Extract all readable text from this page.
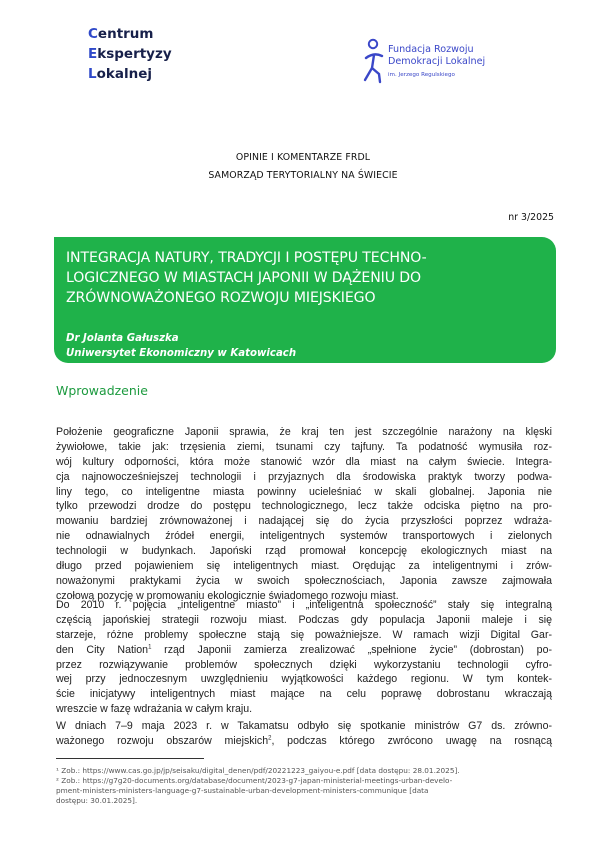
Centrum
Ekspertyzy
Lokalnej
Fundacja Rozwoju
Demokracji Lokalnej
im. Jerzego Regulskiego
OPINIE I KOMENTARZE FRDL
SAMORZĄD TERYTORIALNY NA ŚWIECIE
nr 3/2025
INTEGRACJA NATURY, TRADYCJI I POSTĘPU TECHNO-
LOGICZNEGO W MIASTACH JAPONII W DĄŻENIU DO
ZRÓWNOWAŻONEGO ROZWOJU MIEJSKIEGO
Dr Jolanta Gałuszka
Uniwersytet Ekonomiczny w Katowicach
Wprowadzenie
Położenie geograficzne Japonii sprawia, że kraj ten jest szczególnie narażony na klęski
żywiołowe, takie jak: trzęsienia ziemi, tsunami czy tajfuny. Ta podatność wymusiła roz-
wój kultury odporności, która może stanowić wzór dla miast na całym świecie. Integra-
cja najnowocześniejszej technologii i przyjaznych dla środowiska praktyk tworzy podwa-
liny tego, co inteligentne miasta powinny ucieleśniać w skali globalnej. Japonia nie
tylko przewodzi drodze do postępu technologicznego, lecz także odciska piętno na pro-
mowaniu bardziej zrównoważonej i nadającej się do życia przyszłości poprzez wdraża-
nie odnawialnych źródeł energii, inteligentnych systemów transportowych i zielonych
technologii w budynkach. Japoński rząd promował koncepcję ekologicznych miast na
długo przed pojawieniem się inteligentnych miast. Orędując za inteligentnymi i zrów-
noważonymi praktykami życia w swoich społecznościach, Japonia zawsze zajmowała
czołową pozycję w promowaniu ekologicznie świadomego rozwoju miast.
Do 2010 r. pojęcia „inteligentne miasto” i „inteligentna społeczność” stały się integralną
częścią japońskiej strategii rozwoju miast. Podczas gdy populacja Japonii maleje i się
starzeje, różne problemy społeczne stają się poważniejsze. W ramach wizji Digital Gar-
den City Nation$^1$ rząd Japonii zamierza zrealizować „spełnione życie” (dobrostan) po-
przez rozwiązywanie problemów społecznych dzięki wykorzystaniu technologii cyfro-
wej przy jednoczesnym uwzględnieniu wyjątkowości każdego regionu. W tym kontek-
ście inicjatywy inteligentnych miast mające na celu poprawę dobrostanu wkraczają
wreszcie w fazę wdrażania w całym kraju.
W dniach 7–9 maja 2023 r. w Takamatsu odbyło się spotkanie ministrów G7 ds. zrówno-
ważonego rozwoju obszarów miejskich$^2$, podczas którego zwrócono uwagę na rosnącą
¹ Zob.: https://www.cas.go.jp/jp/seisaku/digital_denen/pdf/20221223_gaiyou-e.pdf [data dostępu: 28.01.2025].
² Zob.: https://g7g20-documents.org/database/document/2023-g7-japan-ministerial-meetings-urban-develo-
pment-ministers-ministers-language-g7-sustainable-urban-development-ministers-communique [data
dostępu: 30.01.2025].
